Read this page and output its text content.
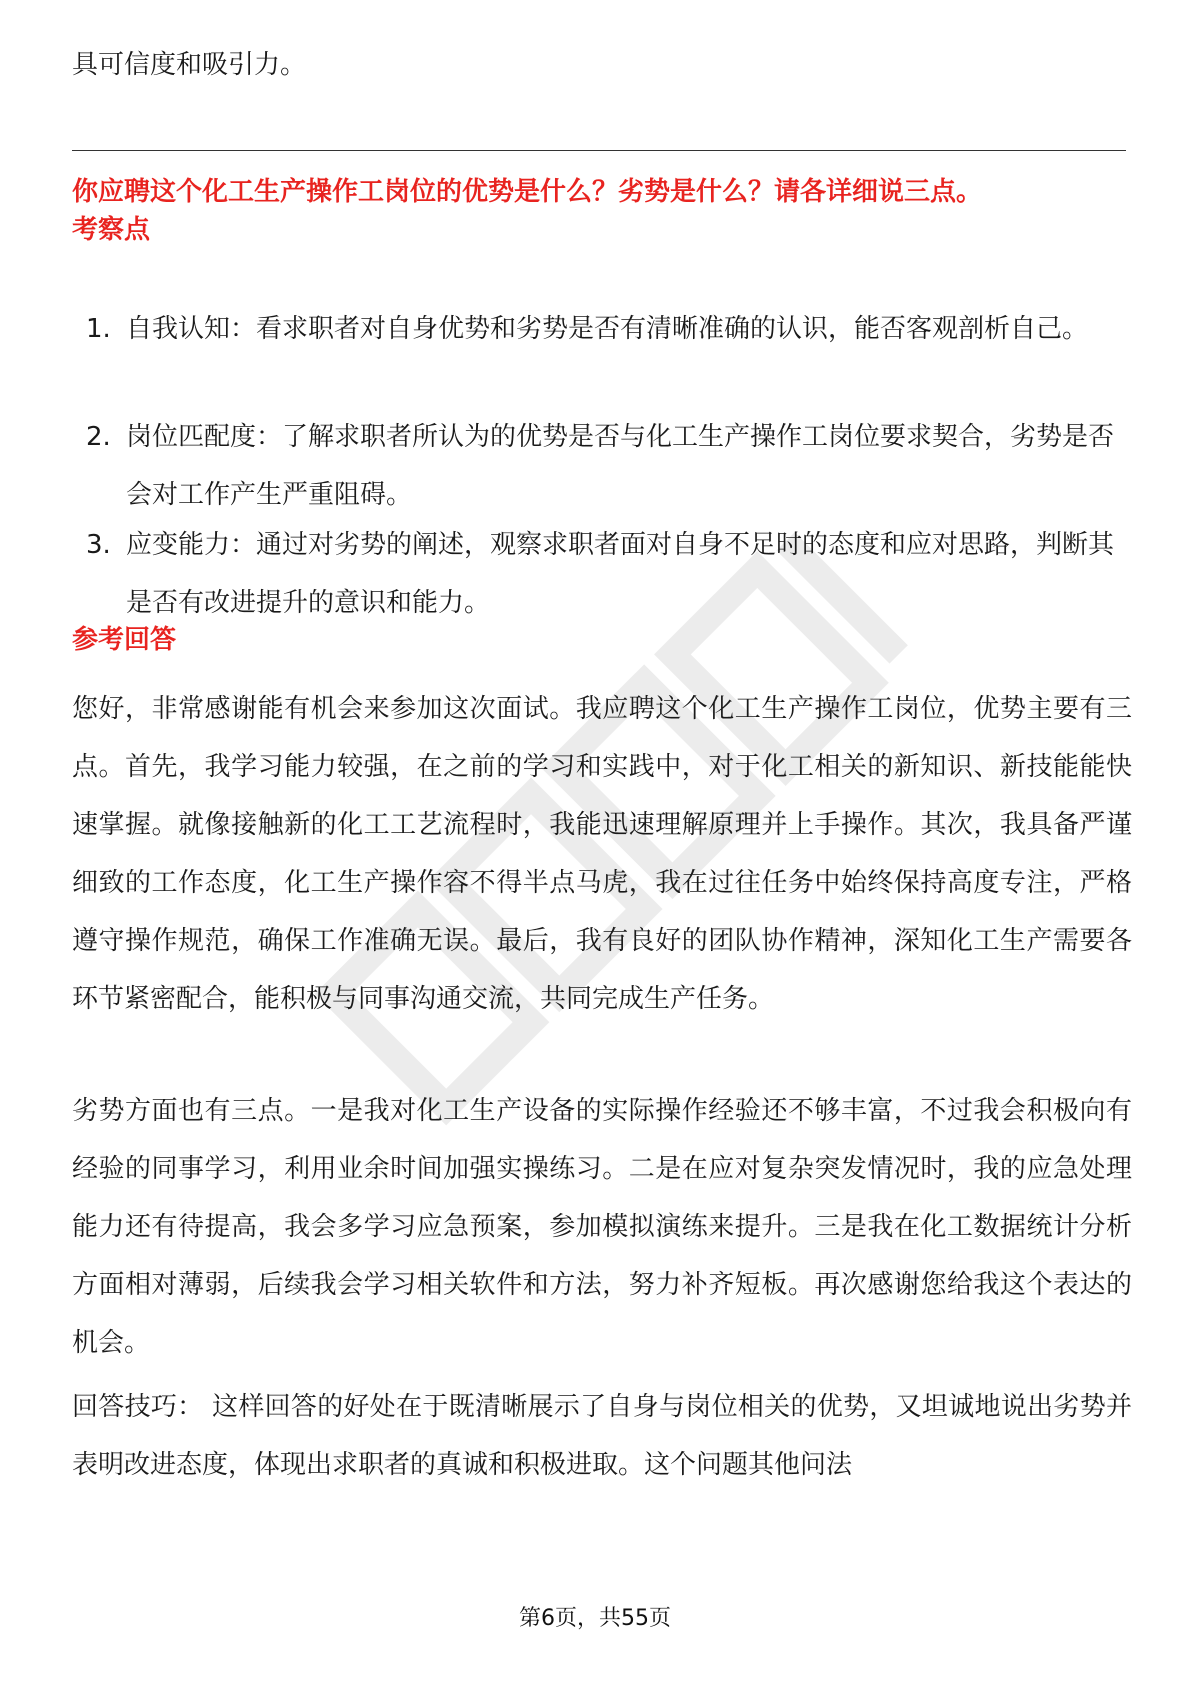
具可信度和吸引力。
你应聘这个化工生产操作工岗位的优势是什么？劣势是什么？请各详细说三点。
考察点
1. 自我认知：看求职者对自身优势和劣势是否有清晰准确的认识，能否客观剖析自己。
2. 岗位匹配度：了解求职者所认为的优势是否与化工生产操作工岗位要求契合，劣势是否会对工作产生严重阻碍。
3. 应变能力：通过对劣势的阐述，观察求职者面对自身不足时的态度和应对思路，判断其是否有改进提升的意识和能力。
参考回答

您好，非常感谢能有机会来参加这次面试。我应聘这个化工生产操作工岗位，优势主要有三点。首先，我学习能力较强，在之前的学习和实践中，对于化工相关的新知识、新技能能快速掌握。就像接触新的化工工艺流程时，我能迅速理解原理并上手操作。其次，我具备严谨细致的工作态度，化工生产操作容不得半点马虎，我在过往任务中始终保持高度专注，严格遵守操作规范，确保工作准确无误。最后，我有良好的团队协作精神，深知化工生产需要各环节紧密配合，能积极与同事沟通交流，共同完成生产任务。

劣势方面也有三点。一是我对化工生产设备的实际操作经验还不够丰富，不过我会积极向有经验的同事学习，利用业余时间加强实操练习。二是在应对复杂突发情况时，我的应急处理能力还有待提高，我会多学习应急预案，参加模拟演练来提升。三是我在化工数据统计分析方面相对薄弱，后续我会学习相关软件和方法，努力补齐短板。再次感谢您给我这个表达的机会。

回答技巧： 这样回答的好处在于既清晰展示了自身与岗位相关的优势，又坦诚地说出劣势并表明改进态度，体现出求职者的真诚和积极进取。这个问题其他问法

第6页，共55页
